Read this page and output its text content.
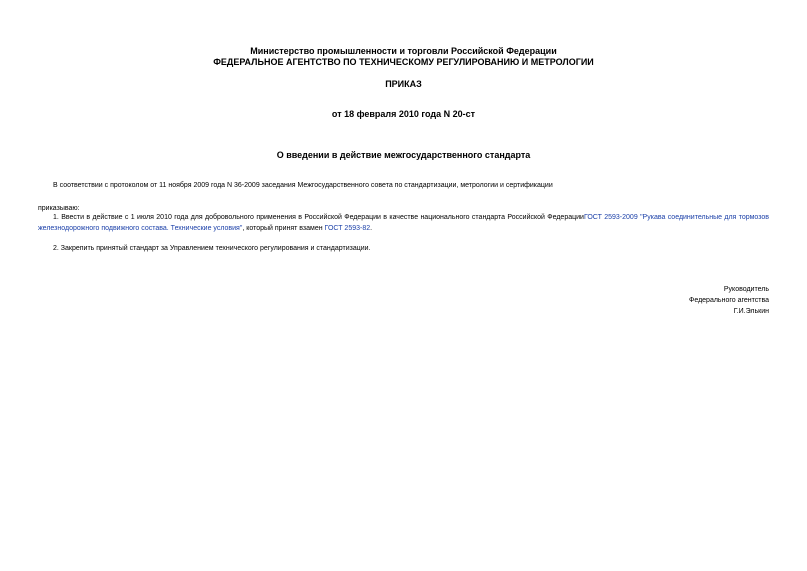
Министерство промышленности и торговли Российской Федерации
ФЕДЕРАЛЬНОЕ АГЕНТСТВО ПО ТЕХНИЧЕСКОМУ РЕГУЛИРОВАНИЮ И МЕТРОЛОГИИ
ПРИКАЗ
от 18 февраля 2010 года N 20-ст
О введении в действие межгосударственного стандарта
В соответствии с протоколом от 11 ноября 2009 года N 36-2009 заседания Межгосударственного совета по стандартизации, метрологии и сертификации
приказываю:
1. Ввести в действие с 1 июля 2010 года для добровольного применения в Российской Федерации в качестве национального стандарта Российской ФедерацииГОСТ 2593-2009 "Рукава соединительные для тормозов железнодорожного подвижного состава. Технические условия", который принят взамен ГОСТ 2593-82.
2. Закрепить принятый стандарт за Управлением технического регулирования и стандартизации.
Руководитель
Федерального агентства
Г.И.Элькин
